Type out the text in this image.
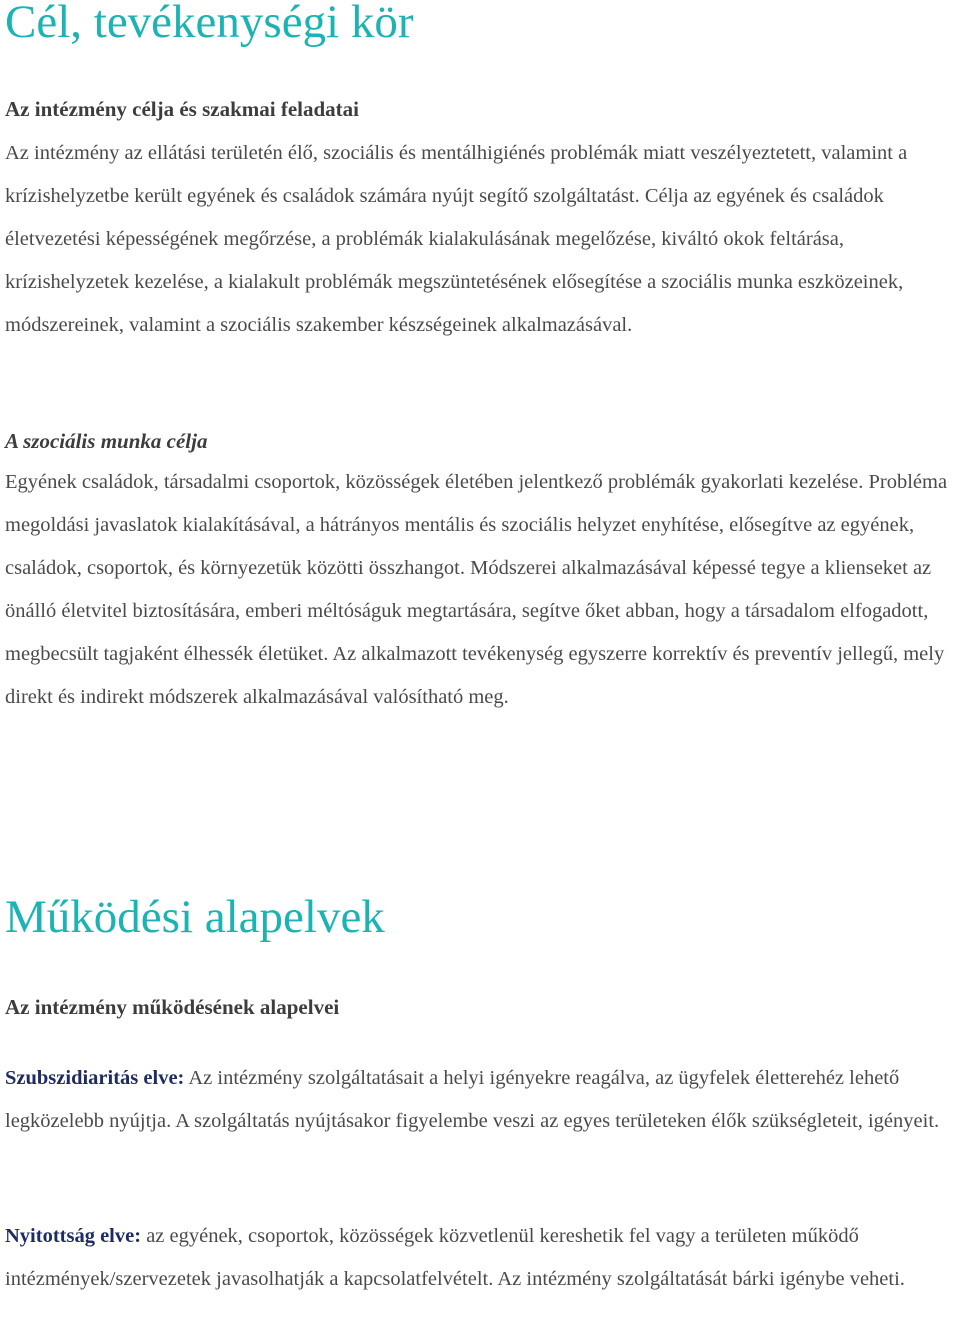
Cél, tevékenységi kör
Az intézmény célja és szakmai feladatai

Az intézmény az ellátási területén élő, szociális és mentálhigiénés problémák miatt veszélyeztetett, valamint a krízishelyzetbe került egyének és családok számára nyújt segítő szolgáltatást. Célja az egyének és családok életvezetési képességének megőrzése, a problémák kialakulásának megelőzése, kiváltó okok feltárása, krízishelyzetek kezelése, a kialakult problémák megszüntetésének elősegítése a szociális munka eszközeinek, módszereinek, valamint a szociális szakember készségeinek alkalmazásával.

A szociális munka célja

Egyének családok, társadalmi csoportok, közösségek életében jelentkező problémák gyakorlati kezelése. Probléma megoldási javaslatok kialakításával, a hátrányos mentális és szociális helyzet enyhítése, elősegítve az egyének, családok, csoportok, és környezetük közötti összhangot. Módszerei alkalmazásával képessé tegye a klienseket az önálló életvitel biztosítására, emberi méltóságuk megtartására, segítve őket abban, hogy a társadalom elfogadott, megbecsült tagjaként élhessék életüket. Az alkalmazott tevékenység egyszerre korrektív és preventív jellegű, mely direkt és indirekt módszerek alkalmazásával valósítható meg.

Működési alapelvek
Az intézmény működésének alapelvei

Szubszidiaritás elve: Az intézmény szolgáltatásait a helyi igényekre reagálva, az ügyfelek életterehéz lehető legközelebb nyújtja. A szolgáltatás nyújtásakor figyelembe veszi az egyes területeken élők szükségleteit, igényeit.

Nyitottság elve: az egyének, csoportok, közösségek közvetlenül kereshetik fel vagy a területen működő intézmények/szervezetek javasolhatják a kapcsolatfelvételt. Az intézmény szolgáltatását bárki igénybe veheti.
